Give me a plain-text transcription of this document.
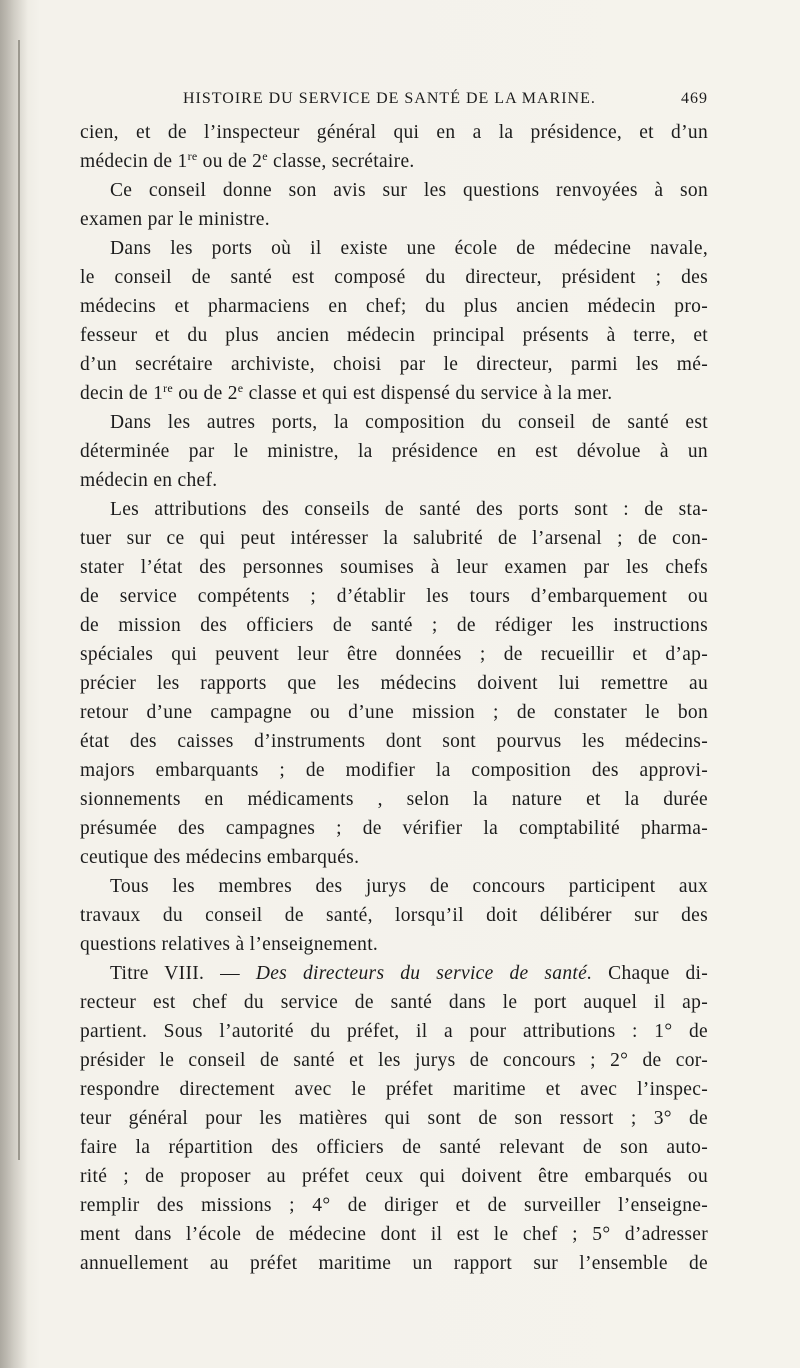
HISTOIRE DU SERVICE DE SANTÉ DE LA MARINE.	469
cien, et de l’inspecteur général qui en a la présidence, et d’un
médecin de 1re ou de 2e classe, secrétaire.
Ce conseil donne son avis sur les questions renvoyées à son
examen par le ministre.
Dans les ports où il existe une école de médecine navale,
le conseil de santé est composé du directeur, président ; des
médecins et pharmaciens en chef; du plus ancien médecin pro-
fesseur et du plus ancien médecin principal présents à terre, et
d’un secrétaire archiviste, choisi par le directeur, parmi les mé-
decin de 1re ou de 2e classe et qui est dispensé du service à la mer.
Dans les autres ports, la composition du conseil de santé est
déterminée par le ministre, la présidence en est dévolue à un
médecin en chef.
Les attributions des conseils de santé des ports sont : de sta-
tuer sur ce qui peut intéresser la salubrité de l’arsenal ; de con-
stater l’état des personnes soumises à leur examen par les chefs
de service compétents ; d’établir les tours d’embarquement ou
de mission des officiers de santé ; de rédiger les instructions
spéciales qui peuvent leur être données ; de recueillir et d’ap-
précier les rapports que les médecins doivent lui remettre au
retour d’une campagne ou d’une mission ; de constater le bon
état des caisses d’instruments dont sont pourvus les médecins-
majors embarquants ; de modifier la composition des approvi-
sionnements en médicaments , selon la nature et la durée
présumée des campagnes ; de vérifier la comptabilité pharma-
ceutique des médecins embarqués.
Tous les membres des jurys de concours participent aux
travaux du conseil de santé, lorsqu’il doit délibérer sur des
questions relatives à l’enseignement.
Titre VIII. — Des directeurs du service de santé. Chaque di-
recteur est chef du service de santé dans le port auquel il ap-
partient. Sous l’autorité du préfet, il a pour attributions : 1° de
présider le conseil de santé et les jurys de concours ; 2° de cor-
respondre directement avec le préfet maritime et avec l’inspec-
teur général pour les matières qui sont de son ressort ; 3° de
faire la répartition des officiers de santé relevant de son auto-
rité ; de proposer au préfet ceux qui doivent être embarqués ou
remplir des missions ; 4° de diriger et de surveiller l’enseigne-
ment dans l’école de médecine dont il est le chef ; 5° d’adresser
annuellement au préfet maritime un rapport sur l’ensemble de
